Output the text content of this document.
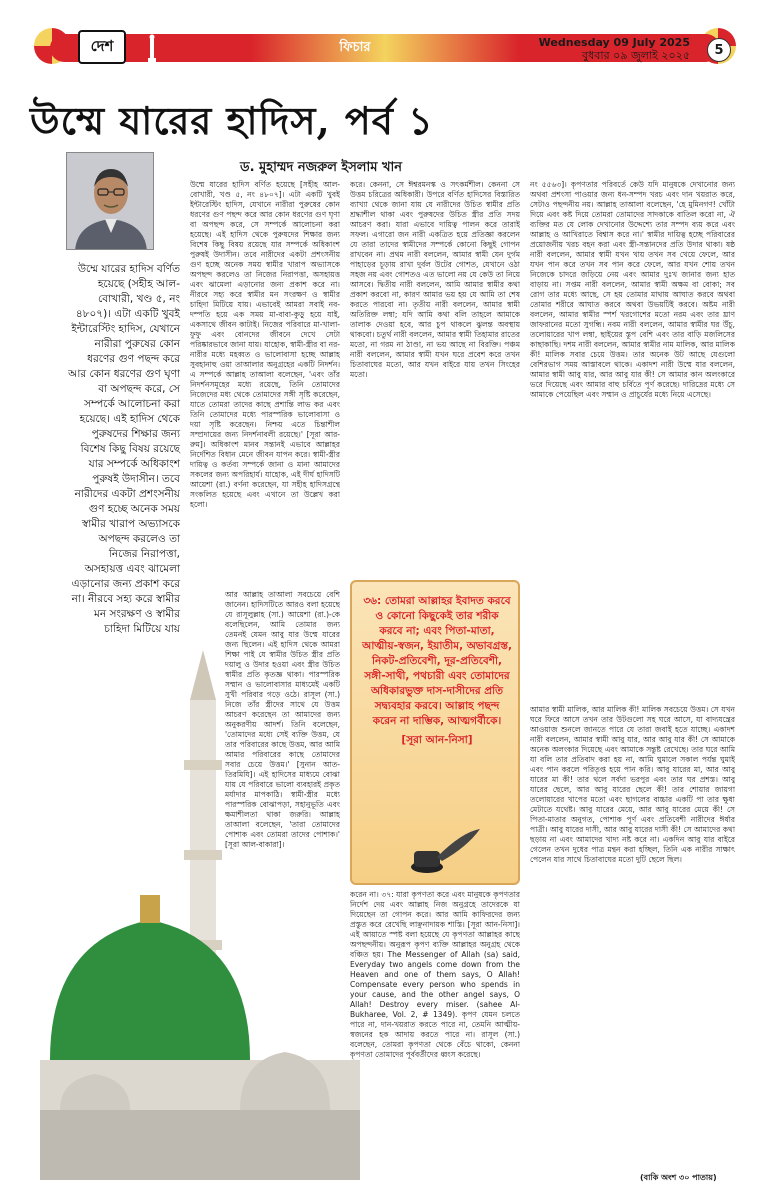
দেশ	ফিচার	Wednesday 09 July 2025
বুধবার ০৯ জুলাই ২০২৫	5
উম্মে যারের হাদিস, পর্ব ১
ড. মুহাম্মদ নজরুল ইসলাম খান
উম্মে যারের হাদিস বর্ণিত হয়েছে (সহীহ আল-বোখারী, খণ্ড ৫, নং ৪৮০৭)। এটা একটি খুবই ইন্টারেস্টিং হাদিস, যেখানে নারীরা পুরুষের কোন ধরণের গুণ পছন্দ করে আর কোন ধরণের গুণ ঘৃণা বা অপছন্দ করে, সে সম্পর্কে আলোচনা করা হয়েছে। এই হাদিস থেকে পুরুষদের শিক্ষার জন্য বিশেষ কিছু বিষয় রয়েছে যার সম্পর্কে অধিকাংশ পুরুষই উদাসীন। তবে নারীদের একটা প্রশংসনীয় গুণ হচ্ছে অনেক সময় স্বামীর খারাপ অভ্যাসকে অপছন্দ করলেও তা নিজের নিরাপত্তা, অসহায়ত্ত এবং ঝামেলা এড়ানোর জন্য প্রকাশ করে না। নীরবে সহ্য করে স্বামীর মন সংরক্ষণ ও স্বামীর চাহিদা মিটিয়ে যায়
উম্মে যারের হাদিস বর্ণিত হয়েছে [সহীহ আল-বোখারী, খণ্ড ৫, নং ৪৮০৭]। এটা একটি খুবই ইন্টারেস্টিং হাদিস, যেখানে নারীরা পুরুষের কোন ধরণের গুণ পছন্দ করে আর কোন ধরণের গুণ ঘৃণা বা অপছন্দ করে, সে সম্পর্কে আলোচনা করা হয়েছে। এই হাদিস থেকে পুরুষদের শিক্ষার জন্য বিশেষ কিছু বিষয় রয়েছে যার সম্পর্কে অধিকাংশ পুরুষই উদাসীন। তবে নারীদের একটা প্রশংসনীয় গুণ হচ্ছে অনেক সময় স্বামীর খারাপ অভ্যাসকে অপছন্দ করলেও তা নিজের নিরাপত্তা, অসহায়ত্ত এবং ঝামেলা এড়ানোর জন্য প্রকাশ করে না। নীরবে সহ্য করে স্বামীর মন সংরক্ষণ ও স্বামীর চাহিদা মিটিয়ে যায়। এভাবেই আমরা সবাই নব-দম্পতি হয়ে এক সময় মা-বাবা-কুড়ু হয়ে যাই, একসাথে জীবন কাটাই। নিজের পরিবারে মা-খালা-ফুফু এবং বোনদের জীবনে দেখে সেটা পরিষ্কারভাবে জানা যায়। যাহোক, স্বামী-স্ত্রীর বা নর-নারীর মধ্যে মহব্বত ও ভালোবাসা হচ্ছে আল্লাহ সুবহানাহু ওয়া তাআলার অনুগ্রহের একটি নিদর্শন। এ সম্পর্কে আল্লাহ তাআলা বলেছেন, 'এবং তাঁর নিদর্শনসমূহের মধ্যে রয়েছে, তিনি তোমাদের নিজেদের মধ্য থেকে তোমাদের সঙ্গী সৃষ্টি করেছেন, যাতে তোমরা তাদের কাছে প্রশান্তি লাভ কর এবং তিনি তোমাদের মধ্যে পারস্পরিক ভালোবাসা ও দয়া সৃষ্টি করেছেন। নিশ্চয় এতে চিন্তাশীল সম্প্রদায়ের জন্য নিদর্শনাবলী রয়েছে।' [সূরা আর-রুম]। অধিকাংশ মানব সন্তানই এভাবে আল্লাহর নির্দেশিত বিধান মেনে জীবন যাপন করে। স্বামী-স্ত্রীর দায়িত্ব ও কর্তব্য সম্পর্কে জানা ও মানা আমাদের সকলের জন্য অপরিহার্য। যাহোক, এই দীর্ঘ হাদিসটি আয়েশা (রা.) বর্ণনা করেছেন, যা সহীহ হাদিসগ্রন্থে সংকলিত হয়েছে এবং এখানে তা উল্লেখ করা হলো।
করে। কেননা, সে ঈশ্বরমনস্ক ও সৎকর্মশীল। কেননা সে উত্তম চরিত্রের অধিকারী। উপরে বর্ণিত হাদিসের বিস্তারিত ব্যাখ্যা থেকে জানা যায় যে নারীদের উচিত স্বামীর প্রতি শ্রদ্ধাশীল থাকা এবং পুরুষদের উচিত স্ত্রীর প্রতি সদয় আচরণ করা। যারা এভাবে দায়িত্ব পালন করে তারাই সফল। এগারো জন নারী একত্রিত হয়ে প্রতিজ্ঞা করলেন যে তারা তাদের স্বামীদের সম্পর্কে কোনো কিছুই গোপন রাখবেন না। প্রথম নারী বললেন, আমার স্বামী যেন দুর্গম পাহাড়ের চূড়ায় রাখা দুর্বল উটের গোশত, যেখানে ওঠা সহজ নয় এবং গোশতও এত ভালো নয় যে কেউ তা নিয়ে আসবে। দ্বিতীয় নারী বললেন, আমি আমার স্বামীর কথা প্রকাশ করবো না, কারণ আমার ভয় হয় যে আমি তা শেষ করতে পারবো না। তৃতীয় নারী বললেন, আমার স্বামী অতিরিক্ত লম্বা; যদি আমি কথা বলি তাহলে আমাকে তালাক দেওয়া হবে, আর চুপ থাকলে ঝুলন্ত অবস্থায় থাকবো। চতুর্থ নারী বললেন, আমার স্বামী তিহামার রাতের মতো, না গরম না ঠাণ্ডা, না ভয় আছে না বিরক্তি। পঞ্চম নারী বললেন, আমার স্বামী যখন ঘরে প্রবেশ করে তখন চিতাবাঘের মতো, আর যখন বাইরে যায় তখন সিংহের মতো।
নং ৫৫৬৩]। কৃপণতার পরিবর্তে কেউ যদি মানুষকে দেখানোর জন্য অথবা প্রশংসা পাওয়ার জন্য ধন-সম্পদ খরচ এবং দান খয়রাত করে, সেটাও পছন্দনীয় নয়। আল্লাহ তাআলা বলেছেন, 'হে মুমিনগণ! খোঁটা দিয়ে এবং কষ্ট দিয়ে তোমরা তোমাদের সাদকাকে বাতিল করো না, ঐ ব্যক্তির মত যে লোক দেখানোর উদ্দেশ্যে তার সম্পদ ব্যয় করে এবং আল্লাহ ও আখিরাতে বিশ্বাস করে না।' স্বামীর দায়িত্ব হচ্ছে পরিবারের প্রয়োজনীয় খরচ বহন করা এবং স্ত্রী-সন্তানদের প্রতি উদার থাকা। ষষ্ঠ নারী বললেন, আমার স্বামী যখন খায় তখন সব খেয়ে ফেলে, আর যখন পান করে তখন সব পান করে ফেলে, আর যখন শোয় তখন নিজেকে চাদরে জড়িয়ে নেয় এবং আমার দুঃখ জানার জন্য হাত বাড়ায় না। সপ্তম নারী বললেন, আমার স্বামী অক্ষম বা বোকা; সব রোগ তার মধ্যে আছে, সে হয় তোমার মাথায় আঘাত করবে অথবা তোমার শরীরে আঘাত করবে অথবা উভয়টিই করবে। অষ্টম নারী বললেন, আমার স্বামীর স্পর্শ খরগোশের মতো নরম এবং তার ঘ্রাণ জাফরানের মতো সুগন্ধি। নবম নারী বললেন, আমার স্বামীর ঘর উঁচু, তলোয়ারের খাপ লম্বা, ছাইয়ের স্তূপ বেশি এবং তার বাড়ি মজলিসের কাছাকাছি। দশম নারী বললেন, আমার স্বামীর নাম মালিক, আর মালিক কী! মালিক সবার চেয়ে উত্তম। তার অনেক উট আছে যেগুলো বেশিরভাগ সময় আস্তাবলে থাকে। একাদশ নারী উম্মে যার বললেন, আমার স্বামী আবু যার, আর আবু যার কী! সে আমার কান অলংকারে ভরে দিয়েছে এবং আমার বাহু চর্বিতে পূর্ণ করেছে। দারিদ্রের মধ্যে সে আমাকে পেয়েছিল এবং সম্মান ও প্রাচুর্যের মধ্যে নিয়ে এসেছে।
আর আল্লাহ তাআলা সবচেয়ে বেশি জানেন। হাদিসটিতে আরও বলা হয়েছে যে রাসূলুল্লাহ (সা.) আয়েশা (রা.)-কে বলেছিলেন, আমি তোমার জন্য তেমনই যেমন আবু যার উম্মে যারের জন্য ছিলেন। এই হাদিস থেকে আমরা শিক্ষা পাই যে স্বামীর উচিত স্ত্রীর প্রতি দয়ালু ও উদার হওয়া এবং স্ত্রীর উচিত স্বামীর প্রতি কৃতজ্ঞ থাকা। পারস্পরিক সম্মান ও ভালোবাসার মাধ্যমেই একটি সুখী পরিবার গড়ে ওঠে। রাসূল (সা.) নিজে তাঁর স্ত্রীদের সাথে যে উত্তম আচরণ করেছেন তা আমাদের জন্য অনুকরণীয় আদর্শ। তিনি বলেছেন, 'তোমাদের মধ্যে সেই ব্যক্তি উত্তম, যে তার পরিবারের কাছে উত্তম, আর আমি আমার পরিবারের কাছে তোমাদের সবার চেয়ে উত্তম।' [সুনান আত-তিরমিযি]। এই হাদিসের মাধ্যমে বোঝা যায় যে পরিবারে ভালো ব্যবহারই প্রকৃত মর্যাদার মাপকাঠি। স্বামী-স্ত্রীর মধ্যে পারস্পরিক বোঝাপড়া, সহানুভূতি এবং ক্ষমাশীলতা থাকা জরুরি। আল্লাহ তাআলা বলেছেন, 'তারা তোমাদের পোশাক এবং তোমরা তাদের পোশাক।' [সূরা আল-বাকারা]।
করেন না। ৩৭: যারা কৃপণতা করে এবং মানুষকে কৃপণতার নির্দেশ দেয় এবং আল্লাহ নিজ অনুগ্রহে তাদেরকে যা দিয়েছেন তা গোপন করে। আর আমি কাফিরদের জন্য প্রস্তুত করে রেখেছি লাঞ্ছনাদায়ক শাস্তি। [সূরা আন-নিসা]। এই আয়াতে স্পষ্ট বলা হয়েছে যে কৃপণতা আল্লাহর কাছে অপছন্দনীয়। অনুরূপ কৃপণ ব্যক্তি আল্লাহর অনুগ্রহ থেকে বঞ্চিত হয়। The Messenger of Allah (sa) said, Everyday two angels come down from the Heaven and one of them says, O Allah! Compensate every person who spends in your cause, and the other angel says, O Allah! Destroy every miser. (sahee Al-Bukharee, Vol. 2, # 1349). কৃপণ যেমন চলতে পারে না, দান-খয়রাত করতে পারে না, তেমনি আত্মীয়-স্বজনের হক আদায় করতে পারে না। রাসূল (সা.) বলেছেন, তোমরা কৃপণতা থেকে বেঁচে থাকো, কেননা কৃপণতা তোমাদের পূর্ববর্তীদের ধ্বংস করেছে।
আমার স্বামী মালিক, আর মালিক কী! মালিক সবচেয়ে উত্তম। সে যখন ঘরে ফিরে আসে তখন তার উটগুলো সহ ঘরে আসে, যা বাদ্যযন্ত্রের আওয়াজ শুনলে জানতে পারে যে তারা জবাই হতে যাচ্ছে। একাদশ নারী বললেন, আমার স্বামী আবু যার, আর আবু যার কী! সে আমাকে অনেক অলংকার দিয়েছে এবং আমাকে সন্তুষ্ট রেখেছে। তার ঘরে আমি যা বলি তার প্রতিবাদ করা হয় না, আমি ঘুমালে সকাল পর্যন্ত ঘুমাই এবং পান করলে পরিতৃপ্ত হয়ে পান করি। আবু যারের মা, আর আবু যারের মা কী! তার থলে সর্বদা ভরপুর এবং তার ঘর প্রশস্ত। আবু যারের ছেলে, আর আবু যারের ছেলে কী! তার শোয়ার জায়গা তলোয়ারের খাপের মতো এবং ছাগলের বাচ্চার একটি পা তার ক্ষুধা মেটাতে যথেষ্ট। আবু যারের মেয়ে, আর আবু যারের মেয়ে কী! সে পিতা-মাতার অনুগত, পোশাক পূর্ণ এবং প্রতিবেশী নারীদের ঈর্ষার পাত্রী। আবু যারের দাসী, আর আবু যারের দাসী কী! সে আমাদের কথা ছড়ায় না এবং আমাদের খাদ্য নষ্ট করে না। একদিন আবু যার বাইরে গেলেন তখন দুধের পাত্র মন্থন করা হচ্ছিল, তিনি এক নারীর সাক্ষাৎ পেলেন যার সাথে চিতাবাঘের মতো দুটি ছেলে ছিল।
৩৬: তোমরা আল্লাহর ইবাদত করবে ও কোনো কিছুকেই তার শরীক করবে না; এবং পিতা-মাতা, আত্মীয়-স্বজন, ইয়াতীম, অভাবগ্রস্ত, নিকট-প্রতিবেশী, দূর-প্রতিবেশী, সঙ্গী-সাথী, পথচারী এবং তোমাদের অধিকারভুক্ত দাস-দাসীদের প্রতি সদ্ব্যবহার করবে। আল্লাহ পছন্দ করেন না দাম্ভিক, আত্মগর্বীকে।
[সূরা আন-নিসা]
(বাকি অংশ ৩০ পাতায়)
